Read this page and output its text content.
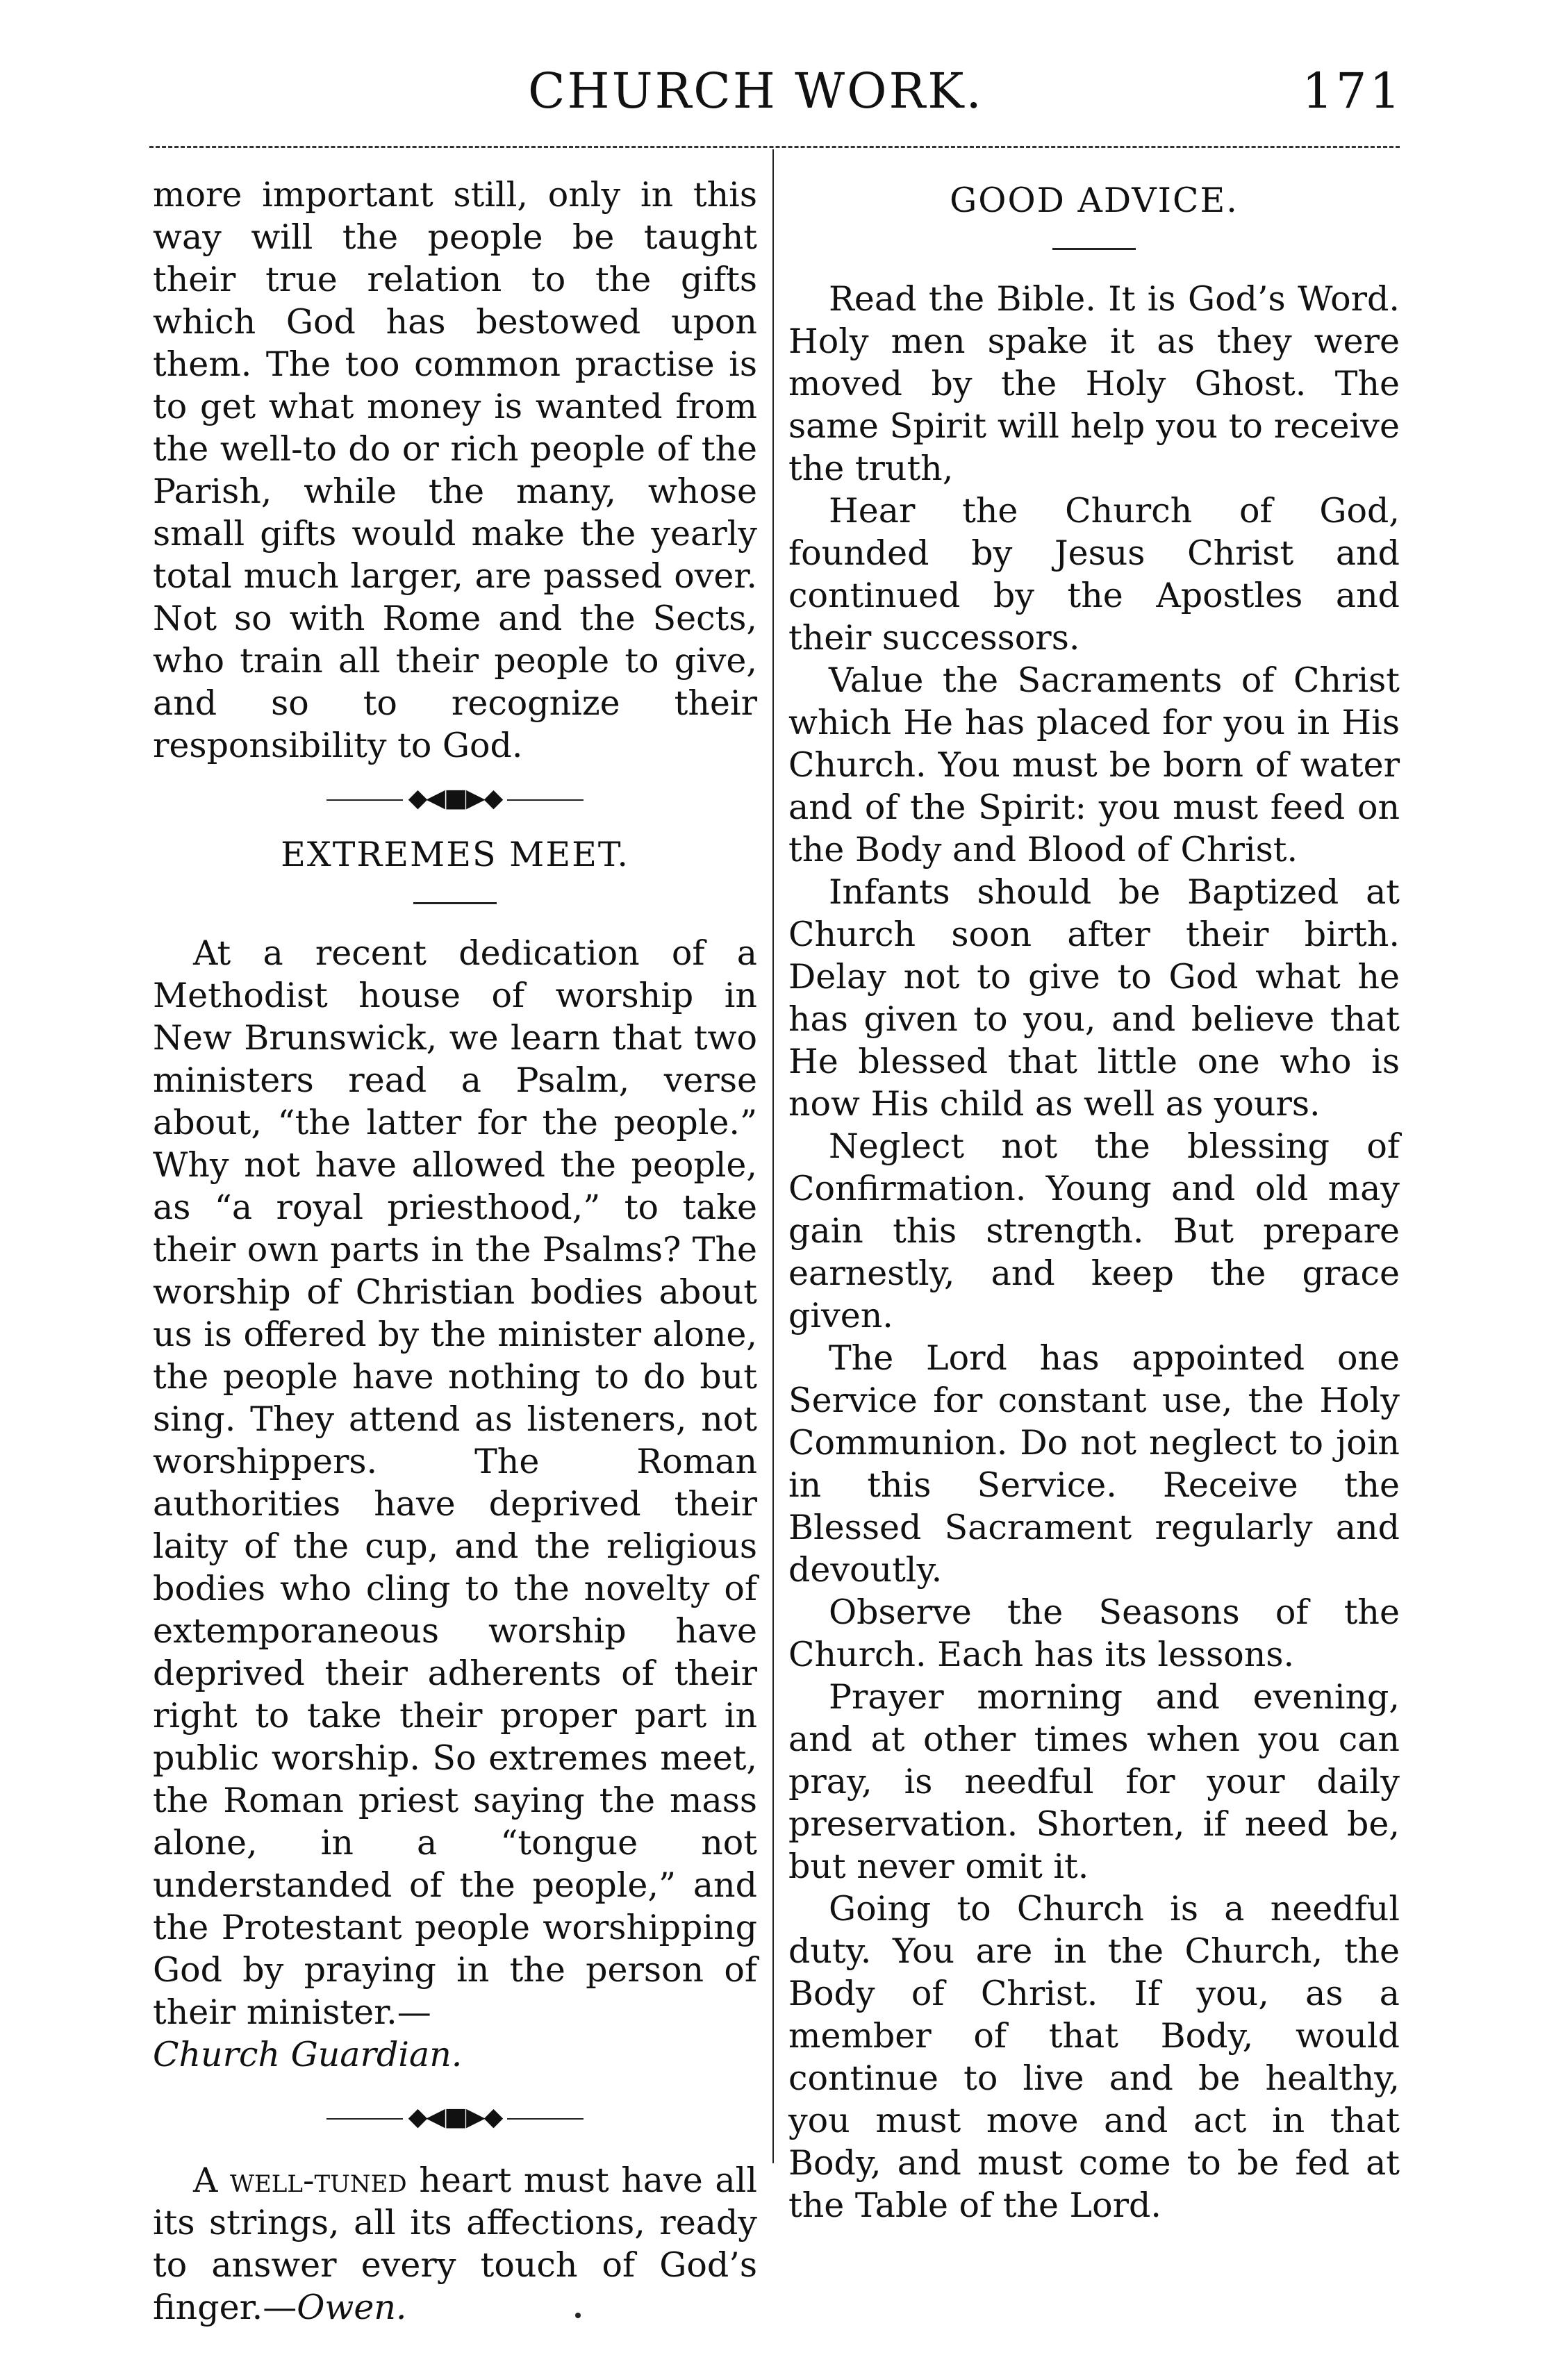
CHURCH WORK.	171

more important still, only in this way will the people be taught their true relation to the gifts which God has bestowed upon them. The too common practise is to get what money is wanted from the well-to do or rich people of the Parish, while the many, whose small gifts would make the yearly total much larger, are passed over. Not so with Rome and the Sects, who train all their people to give, and so to recognize their responsibility to God.

◆◀■▶◆
EXTREMES MEET.

At a recent dedication of a Methodist house of worship in New Brunswick, we learn that two ministers read a Psalm, verse about, “the latter for the people.” Why not have allowed the people, as “a royal priesthood,” to take their own parts in the Psalms? The worship of Christian bodies about us is offered by the minister alone, the people have nothing to do but sing. They attend as listeners, not worshippers. The Roman authorities have deprived their laity of the cup, and the religious bodies who cling to the novelty of extemporaneous worship have deprived their adherents of their right to take their proper part in public worship. So extremes meet, the Roman priest saying the mass alone, in a “tongue not understanded of the people,” and the Protestant people worshipping God by praying in the person of their minister.—
Church Guardian.

◆◀■▶◆

A well-tuned heart must have all its strings, all its affections, ready to answer every touch of God’s finger.—Owen.

GOOD ADVICE.

Read the Bible. It is God’s Word. Holy men spake it as they were moved by the Holy Ghost. The same Spirit will help you to receive the truth,

Hear the Church of God, founded by Jesus Christ and continued by the Apostles and their successors.

Value the Sacraments of Christ which He has placed for you in His Church. You must be born of water and of the Spirit: you must feed on the Body and Blood of Christ.

Infants should be Baptized at Church soon after their birth. Delay not to give to God what he has given to you, and believe that He blessed that little one who is now His child as well as yours.

Neglect not the blessing of Confirmation. Young and old may gain this strength. But prepare earnestly, and keep the grace given.

The Lord has appointed one Service for constant use, the Holy Communion. Do not neglect to join in this Service. Receive the Blessed Sacrament regularly and devoutly.

Observe the Seasons of the Church. Each has its lessons.

Prayer morning and evening, and at other times when you can pray, is needful for your daily preservation. Shorten, if need be, but never omit it.

Going to Church is a needful duty. You are in the Church, the Body of Christ. If you, as a member of that Body, would continue to live and be healthy, you must move and act in that Body, and must come to be fed at the Table of the Lord.
